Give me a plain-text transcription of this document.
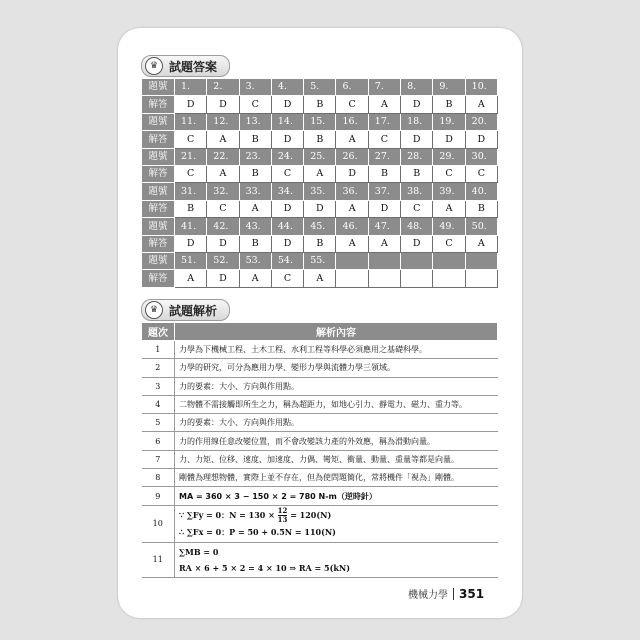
♛ 試題答案
題號	1.	2.	3.	4.	5.	6.	7.	8.	9.	10.
解答	D	D	C	D	B	C	A	D	B	A
題號	11.	12.	13.	14.	15.	16.	17.	18.	19.	20.
解答	C	A	B	D	B	A	C	D	D	D
題號	21.	22.	23.	24.	25.	26.	27.	28.	29.	30.
解答	C	A	B	C	A	D	B	B	C	C
題號	31.	32.	33.	34.	35.	36.	37.	38.	39.	40.
解答	B	C	A	D	D	A	D	C	A	B
題號	41.	42.	43.	44.	45.	46.	47.	48.	49.	50.
解答	D	D	B	D	B	A	A	D	C	A
題號	51.	52.	53.	54.	55.					
解答	A	D	A	C	A					
♛ 試題解析
題次	解析內容
1	力學為下機械工程、土木工程、水利工程等科學必須應用之基礎科學。
2	力學的研究，可分為應用力學、變形力學與流體力學三領域。
3	力的要素：大小、方向與作用點。
4	二物體不需接觸即所生之力，稱為超距力，如地心引力、靜電力、磁力、重力等。
5	力的要素：大小、方向與作用點。
6	力的作用線任意改變位置，而不會改變該力產的外效應，稱為滑動向量。
7	力、力矩、位移、速度、加速度、力偶、彎矩、衝量、動量、重量等都是向量。
8	剛體為理想物體，實際上並不存在，但為使問題簡化，常將機件「視為」剛體。
9	MA = 360 × 3 − 150 × 2 = 780 N-m（逆時針）
10	∵ ∑Fy = 0：$N = 130 \times \frac{12}{13} = 120(N)$
∴ ∑Fx = 0：P = 50 + 0.5N = 110(N)

11	∑MB = 0
RA × 6 + 5 × 2 = 4 × 10 ⇒ RA = 5(kN)
機械力學 351
